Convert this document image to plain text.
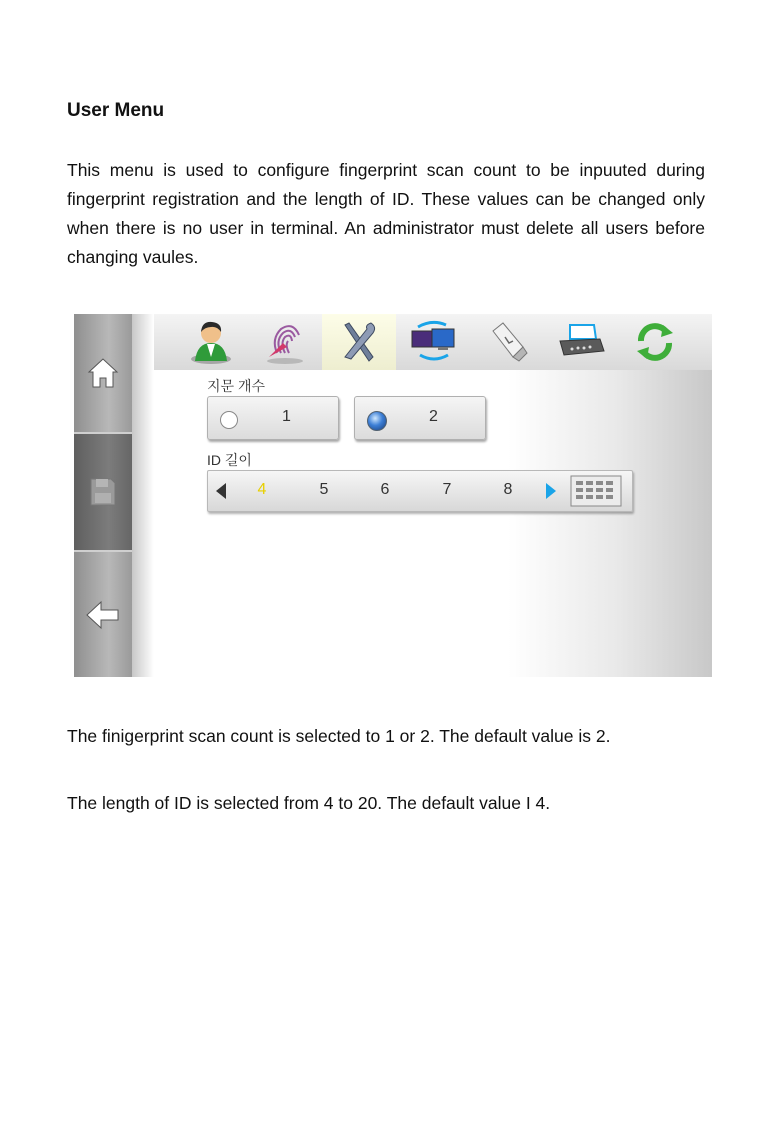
User Menu

This menu is used to configure fingerprint scan count to be inpuuted during fingerprint registration and the length of ID. These values can be changed only when there is no user in terminal. An administrator must delete all users before changing vaules.

지문 개수
1	2
ID 길이
4	5	6	7	8

The finigerprint scan count is selected to 1 or 2. The default value is 2.

The length of ID is selected from 4 to 20. The default value I 4.
